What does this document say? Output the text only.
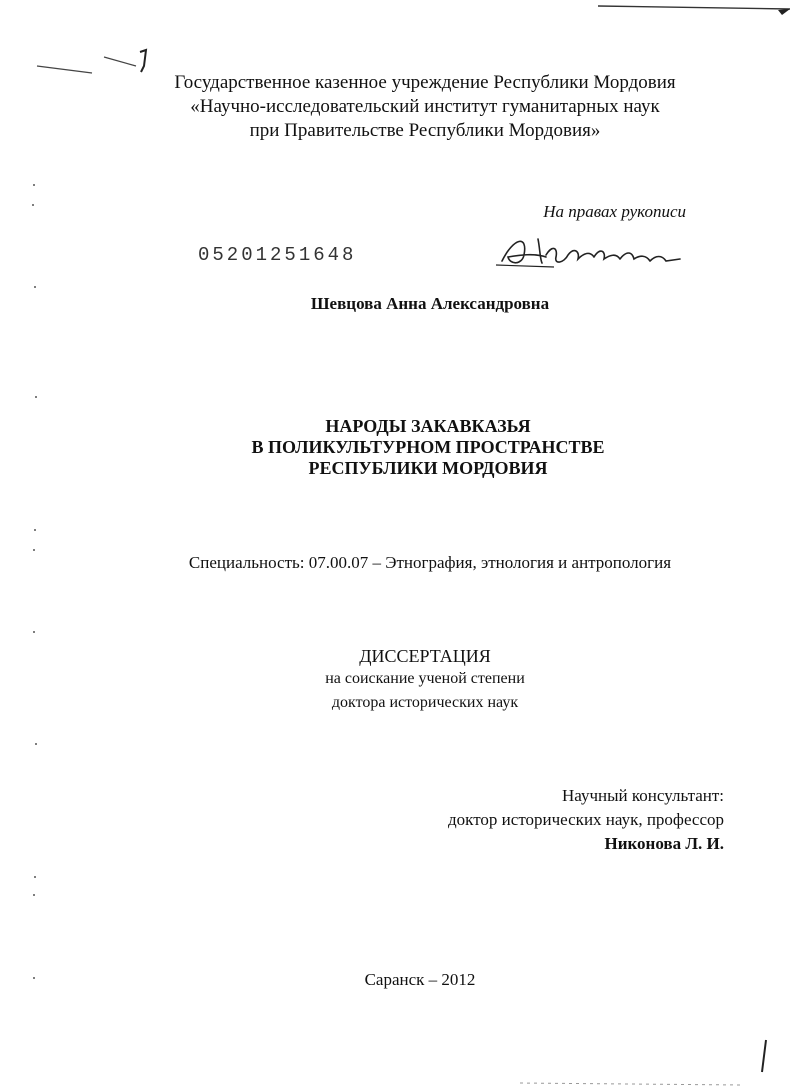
Государственное казенное учреждение Республики Мордовия
«Научно-исследовательский институт гуманитарных наук
при Правительстве Республики Мордовия»
На правах рукописи
05201251648
Шевцова Анна Александровна
НАРОДЫ ЗАКАВКАЗЬЯ
В ПОЛИКУЛЬТУРНОМ ПРОСТРАНСТВЕ
РЕСПУБЛИКИ МОРДОВИЯ
Специальность: 07.00.07 – Этнография, этнология и антропология
ДИССЕРТАЦИЯ
на соискание ученой степени
доктора исторических наук
Научный консультант:
доктор исторических наук, профессор
Никонова Л. И.
Саранск – 2012
